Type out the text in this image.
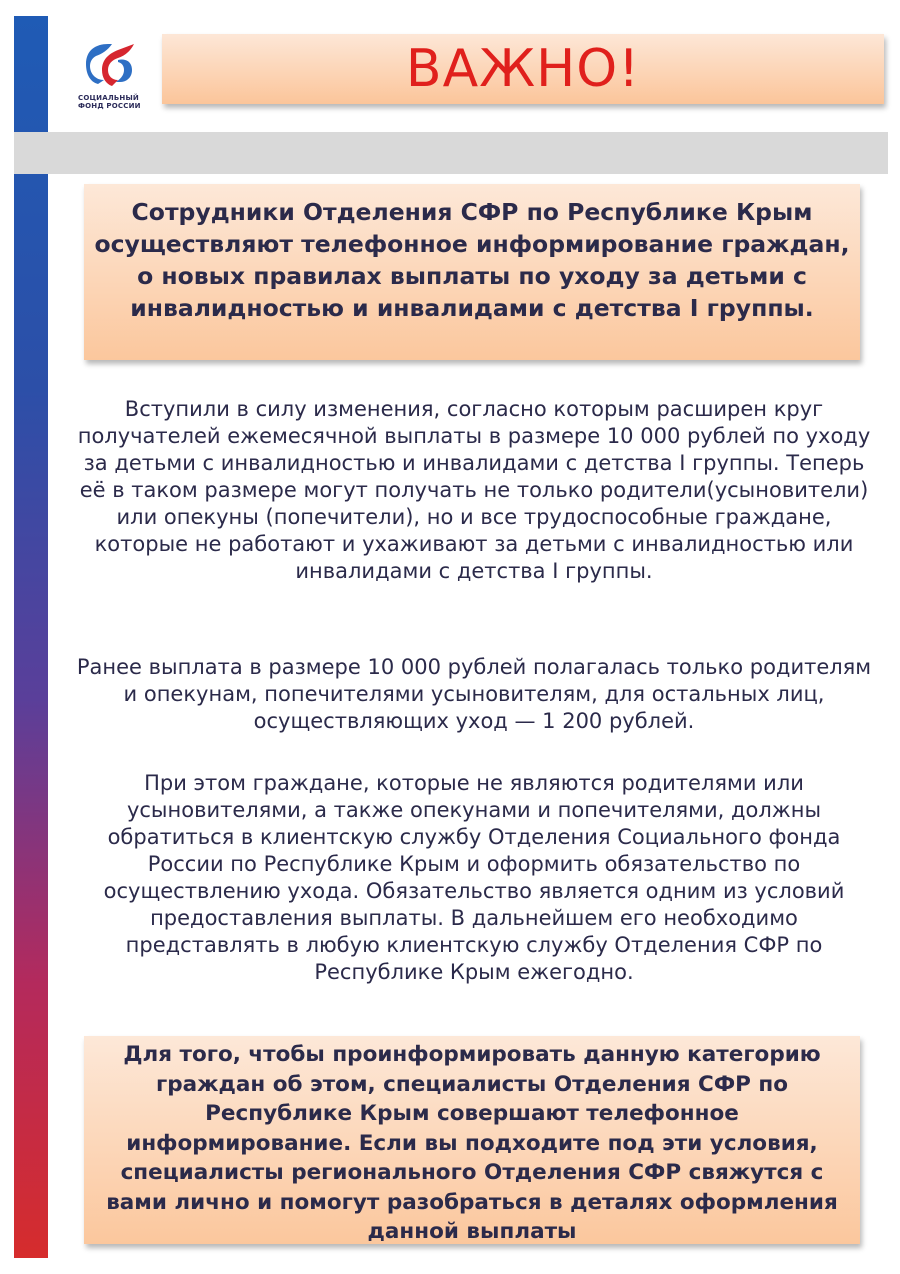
СОЦИАЛЬНЫЙ
ФОНД РОССИИ
ВАЖНО!
Сотрудники Отделения СФР по Республике Крым осуществляют телефонное информирование граждан, о новых правилах выплаты по уходу за детьми с инвалидностью и инвалидами с детства I группы.

Вступили в силу изменения, согласно которым расширен круг получателей ежемесячной выплаты в размере 10 000 рублей по уходу за детьми с инвалидностью и инвалидами с детства I группы. Теперь её в таком размере могут получать не только родители(усыновители) или опекуны (попечители), но и все трудоспособные граждане, которые не работают и ухаживают за детьми с инвалидностью или инвалидами с детства I группы.

Ранее выплата в размере 10 000 рублей полагалась только родителям и опекунам, попечителями усыновителям, для остальных лиц, осуществляющих уход — 1 200 рублей.

При этом граждане, которые не являются родителями или усыновителями, а также опекунами и попечителями, должны обратиться в клиентскую службу Отделения Социального фонда России по Республике Крым и оформить обязательство по осуществлению ухода. Обязательство является одним из условий предоставления выплаты. В дальнейшем его необходимо представлять в любую клиентскую службу Отделения СФР по Республике Крым ежегодно.

Для того, чтобы проинформировать данную категорию граждан об этом, специалисты Отделения СФР по Республике Крым совершают телефонное информирование. Если вы подходите под эти условия, специалисты регионального Отделения СФР свяжутся с вами лично и помогут разобраться в деталях оформления данной выплаты
